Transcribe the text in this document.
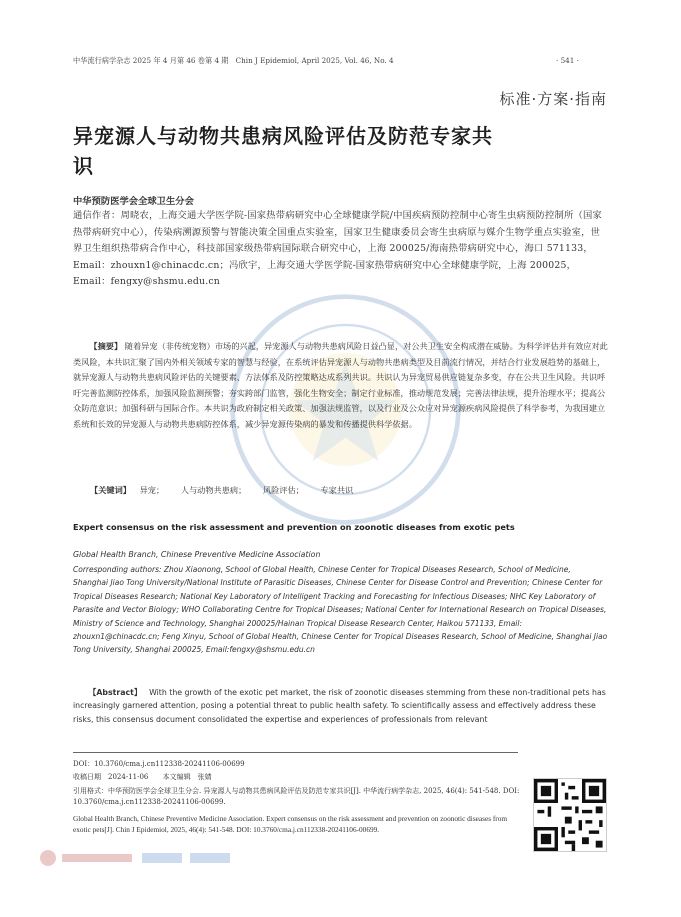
中华流行病学杂志 2025 年 4 月第 46 卷第 4 期　Chin J Epidemiol, April 2025, Vol. 46, No. 4	· 541 ·
标准·方案·指南
异宠源人与动物共患病风险评估及防范专家共识
中华预防医学会全球卫生分会
通信作者：周晓农，上海交通大学医学院-国家热带病研究中心全球健康学院/中国疾病预防控制中心寄生虫病预防控制所（国家热带病研究中心），传染病溯源预警与智能决策全国重点实验室，国家卫生健康委员会寄生虫病原与媒介生物学重点实验室，世界卫生组织热带病合作中心，科技部国家级热带病国际联合研究中心，上海 200025/海南热带病研究中心，海口 571133，Email：zhouxn1@chinacdc.cn；冯欣宇，上海交通大学医学院-国家热带病研究中心全球健康学院，上海 200025，Email：fengxy@shsmu.edu.cn
【摘要】 随着异宠（非传统宠物）市场的兴起，异宠源人与动物共患病风险日益凸显，对公共卫生安全构成潜在威胁。为科学评估并有效应对此类风险，本共识汇聚了国内外相关领域专家的智慧与经验，在系统评估异宠源人与动物共患病类型及目前流行情况，并结合行业发展趋势的基础上，就异宠源人与动物共患病风险评估的关键要素、方法体系及防控策略达成系列共识。共识认为异宠贸易供应链复杂多变，存在公共卫生风险。共识呼吁完善监测防控体系，加强风险监测预警；夯实跨部门监管，强化生物安全；制定行业标准，推动规范发展；完善法律法规，提升治理水平；提高公众防范意识；加强科研与国际合作。本共识为政府制定相关政策、加强法规监管，以及行业及公众应对异宠源疾病风险提供了科学参考，为我国建立系统和长效的异宠源人与动物共患病防控体系，减少异宠源传染病的暴发和传播提供科学依据。
【关键词】 异宠； 人与动物共患病； 风险评估； 专家共识
Expert consensus on the risk assessment and prevention on zoonotic diseases from exotic pets
Global Health Branch, Chinese Preventive Medicine Association
Corresponding authors: Zhou Xiaonong, School of Global Health, Chinese Center for Tropical Diseases Research, School of Medicine, Shanghai Jiao Tong University/National Institute of Parasitic Diseases, Chinese Center for Disease Control and Prevention; Chinese Center for Tropical Diseases Research; National Key Laboratory of Intelligent Tracking and Forecasting for Infectious Diseases; NHC Key Laboratory of Parasite and Vector Biology; WHO Collaborating Centre for Tropical Diseases; National Center for International Research on Tropical Diseases, Ministry of Science and Technology, Shanghai 200025/Hainan Tropical Disease Research Center, Haikou 571133, Email: zhouxn1@chinacdc.cn; Feng Xinyu, School of Global Health, Chinese Center for Tropical Diseases Research, School of Medicine, Shanghai Jiao Tong University, Shanghai 200025, Email:fengxy@shsmu.edu.cn
【Abstract】 With the growth of the exotic pet market, the risk of zoonotic diseases stemming from these non-traditional pets has increasingly garnered attention, posing a potential threat to public health safety. To scientifically assess and effectively address these risks, this consensus document consolidated the expertise and experiences of professionals from relevant
DOI：10.3760/cma.j.cn112338-20241106-00699
收稿日期　2024-11-06 本文编辑　张婧
引用格式：中华预防医学会全球卫生分会. 异宠源人与动物共患病风险评估及防范专家共识[J]. 中华流行病学杂志, 2025, 46(4): 541-548. DOI: 10.3760/cma.j.cn112338-20241106-00699.
Global Health Branch, Chinese Preventive Medicine Association. Expert consensus on the risk assessment and prevention on zoonotic diseases from exotic pets[J]. Chin J Epidemiol, 2025, 46(4): 541-548. DOI: 10.3760/cma.j.cn112338-20241106-00699.
